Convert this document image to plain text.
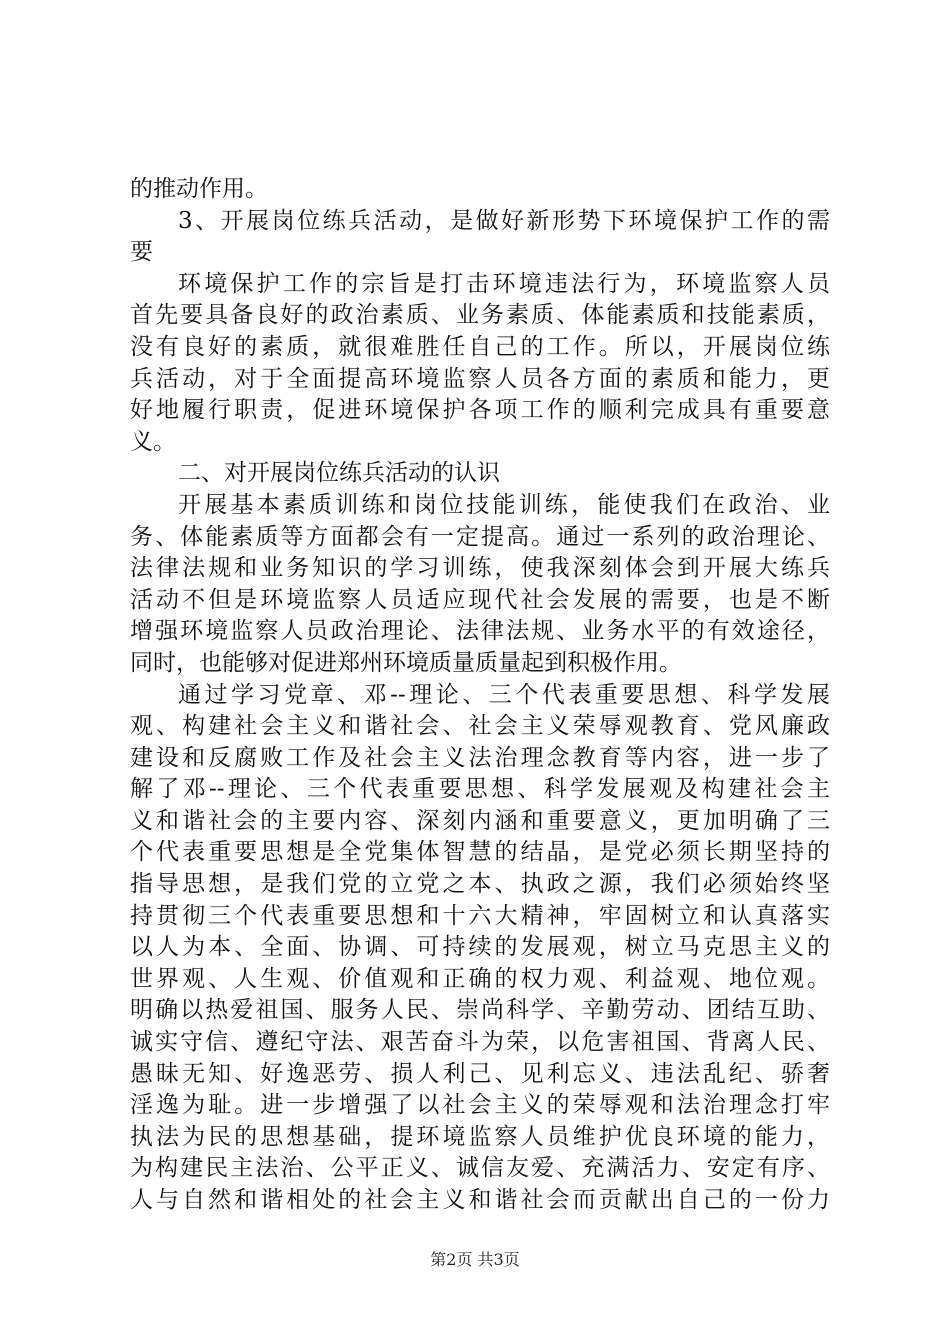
的推动作用。
3、开展岗位练兵活动，是做好新形势下环境保护工作的需
要
环境保护工作的宗旨是打击环境违法行为，环境监察人员
首先要具备良好的政治素质、业务素质、体能素质和技能素质，
没有良好的素质，就很难胜任自己的工作。所以，开展岗位练
兵活动，对于全面提高环境监察人员各方面的素质和能力，更
好地履行职责，促进环境保护各项工作的顺利完成具有重要意
义。
二、对开展岗位练兵活动的认识
开展基本素质训练和岗位技能训练，能使我们在政治、业
务、体能素质等方面都会有一定提高。通过一系列的政治理论、
法律法规和业务知识的学习训练，使我深刻体会到开展大练兵
活动不但是环境监察人员适应现代社会发展的需要，也是不断
增强环境监察人员政治理论、法律法规、业务水平的有效途径，
同时，也能够对促进郑州环境质量质量起到积极作用。
通过学习党章、邓--理论、三个代表重要思想、科学发展
观、构建社会主义和谐社会、社会主义荣辱观教育、党风廉政
建设和反腐败工作及社会主义法治理念教育等内容，进一步了
解了邓--理论、三个代表重要思想、科学发展观及构建社会主
义和谐社会的主要内容、深刻内涵和重要意义，更加明确了三
个代表重要思想是全党集体智慧的结晶，是党必须长期坚持的
指导思想，是我们党的立党之本、执政之源，我们必须始终坚
持贯彻三个代表重要思想和十六大精神，牢固树立和认真落实
以人为本、全面、协调、可持续的发展观，树立马克思主义的
世界观、人生观、价值观和正确的权力观、利益观、地位观。
明确以热爱祖国、服务人民、崇尚科学、辛勤劳动、团结互助、
诚实守信、遵纪守法、艰苦奋斗为荣，以危害祖国、背离人民、
愚昧无知、好逸恶劳、损人利己、见利忘义、违法乱纪、骄奢
淫逸为耻。进一步增强了以社会主义的荣辱观和法治理念打牢
执法为民的思想基础，提环境监察人员维护优良环境的能力，
为构建民主法治、公平正义、诚信友爱、充满活力、安定有序、
人与自然和谐相处的社会主义和谐社会而贡献出自己的一份力
第2页 共3页
